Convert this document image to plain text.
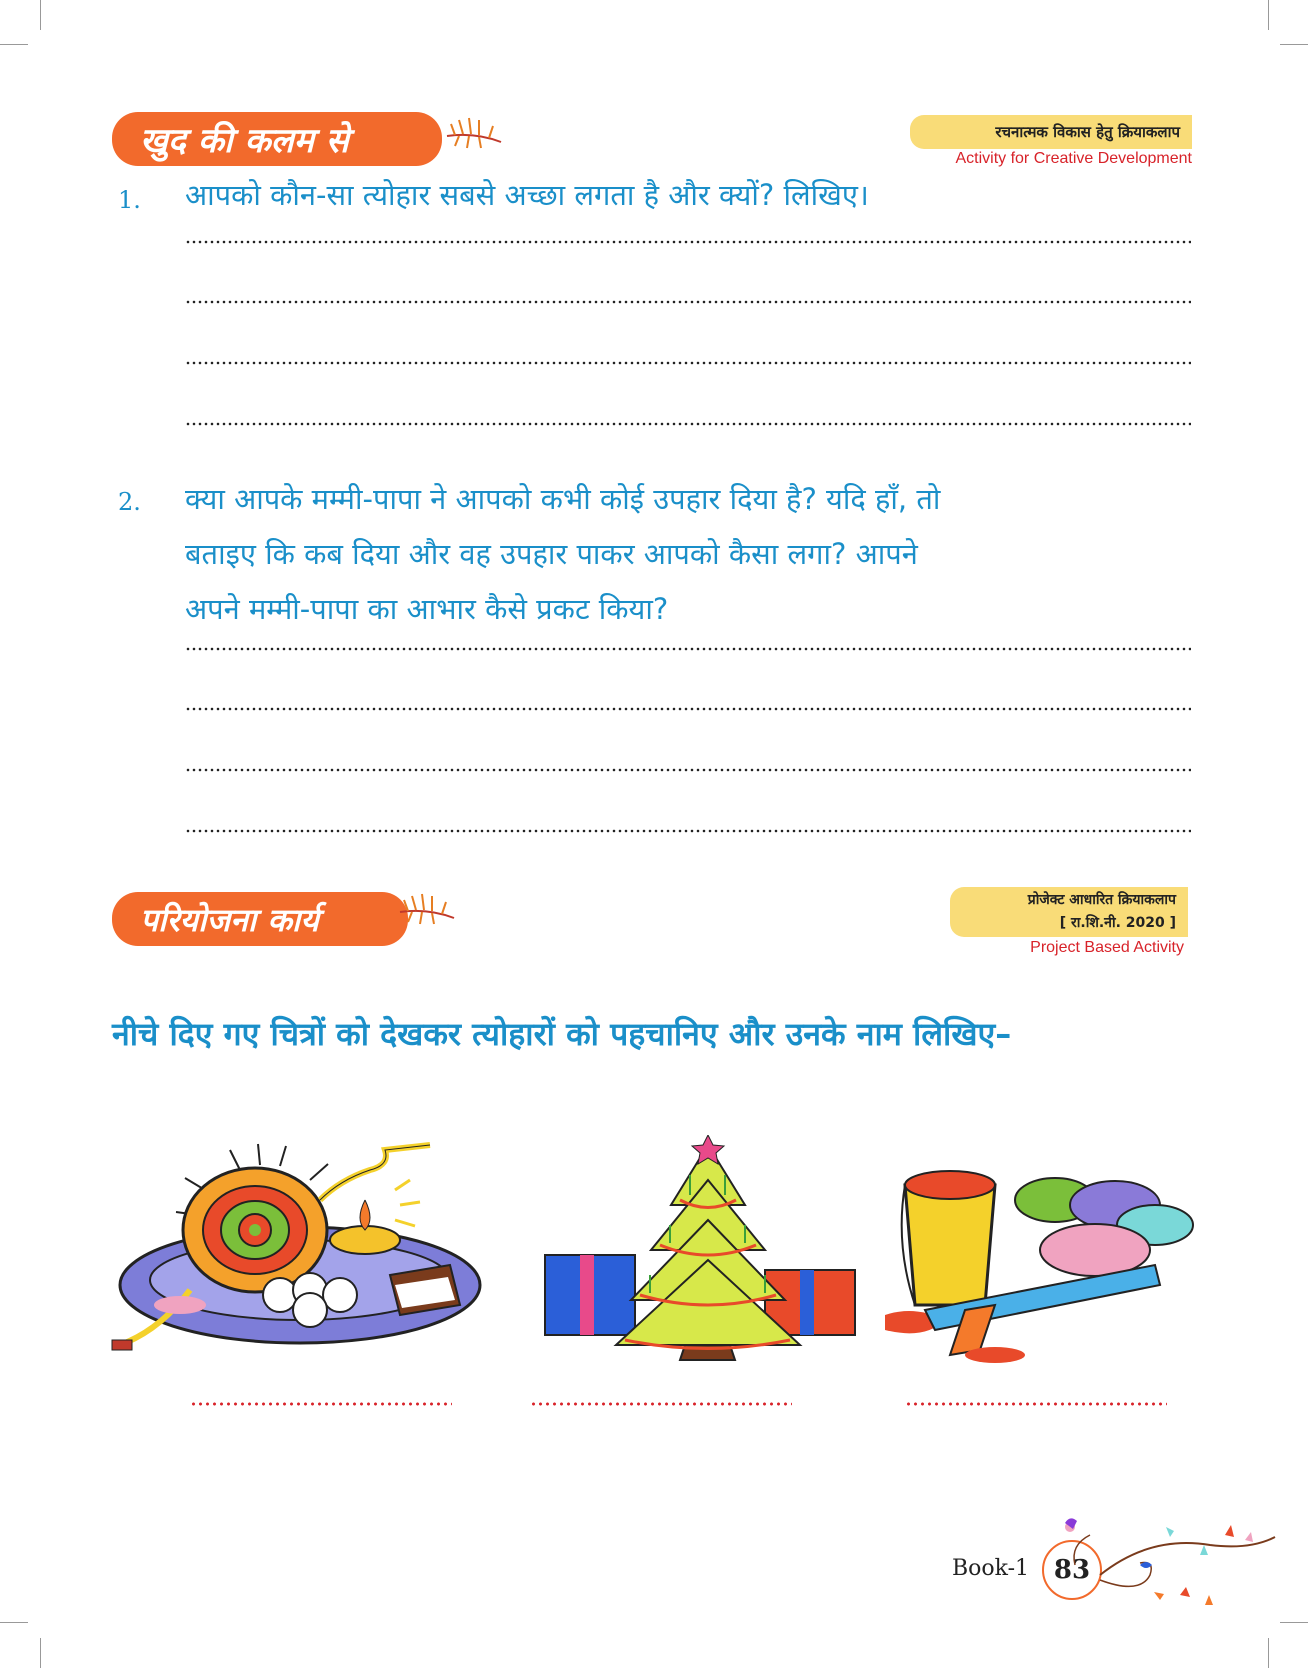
खुद की कलम से	रचनात्मक विकास हेतु क्रियाकलाप
Activity for Creative Development
1. आपको कौन-सा त्योहार सबसे अच्छा लगता है और क्यों? लिखिए।
2. क्या आपके मम्मी-पापा ने आपको कभी कोई उपहार दिया है? यदि हाँ, तो
बताइए कि कब दिया और वह उपहार पाकर आपको कैसा लगा? आपने
अपने मम्मी-पापा का आभार कैसे प्रकट किया?
परियोजना कार्य
प्रोजेक्ट आधारित क्रियाकलाप
[ रा.शि.नी. 2020 ]
Project Based Activity
नीचे दिए गए चित्रों को देखकर त्योहारों को पहचानिए और उनके नाम लिखिए–
Book-1 83
